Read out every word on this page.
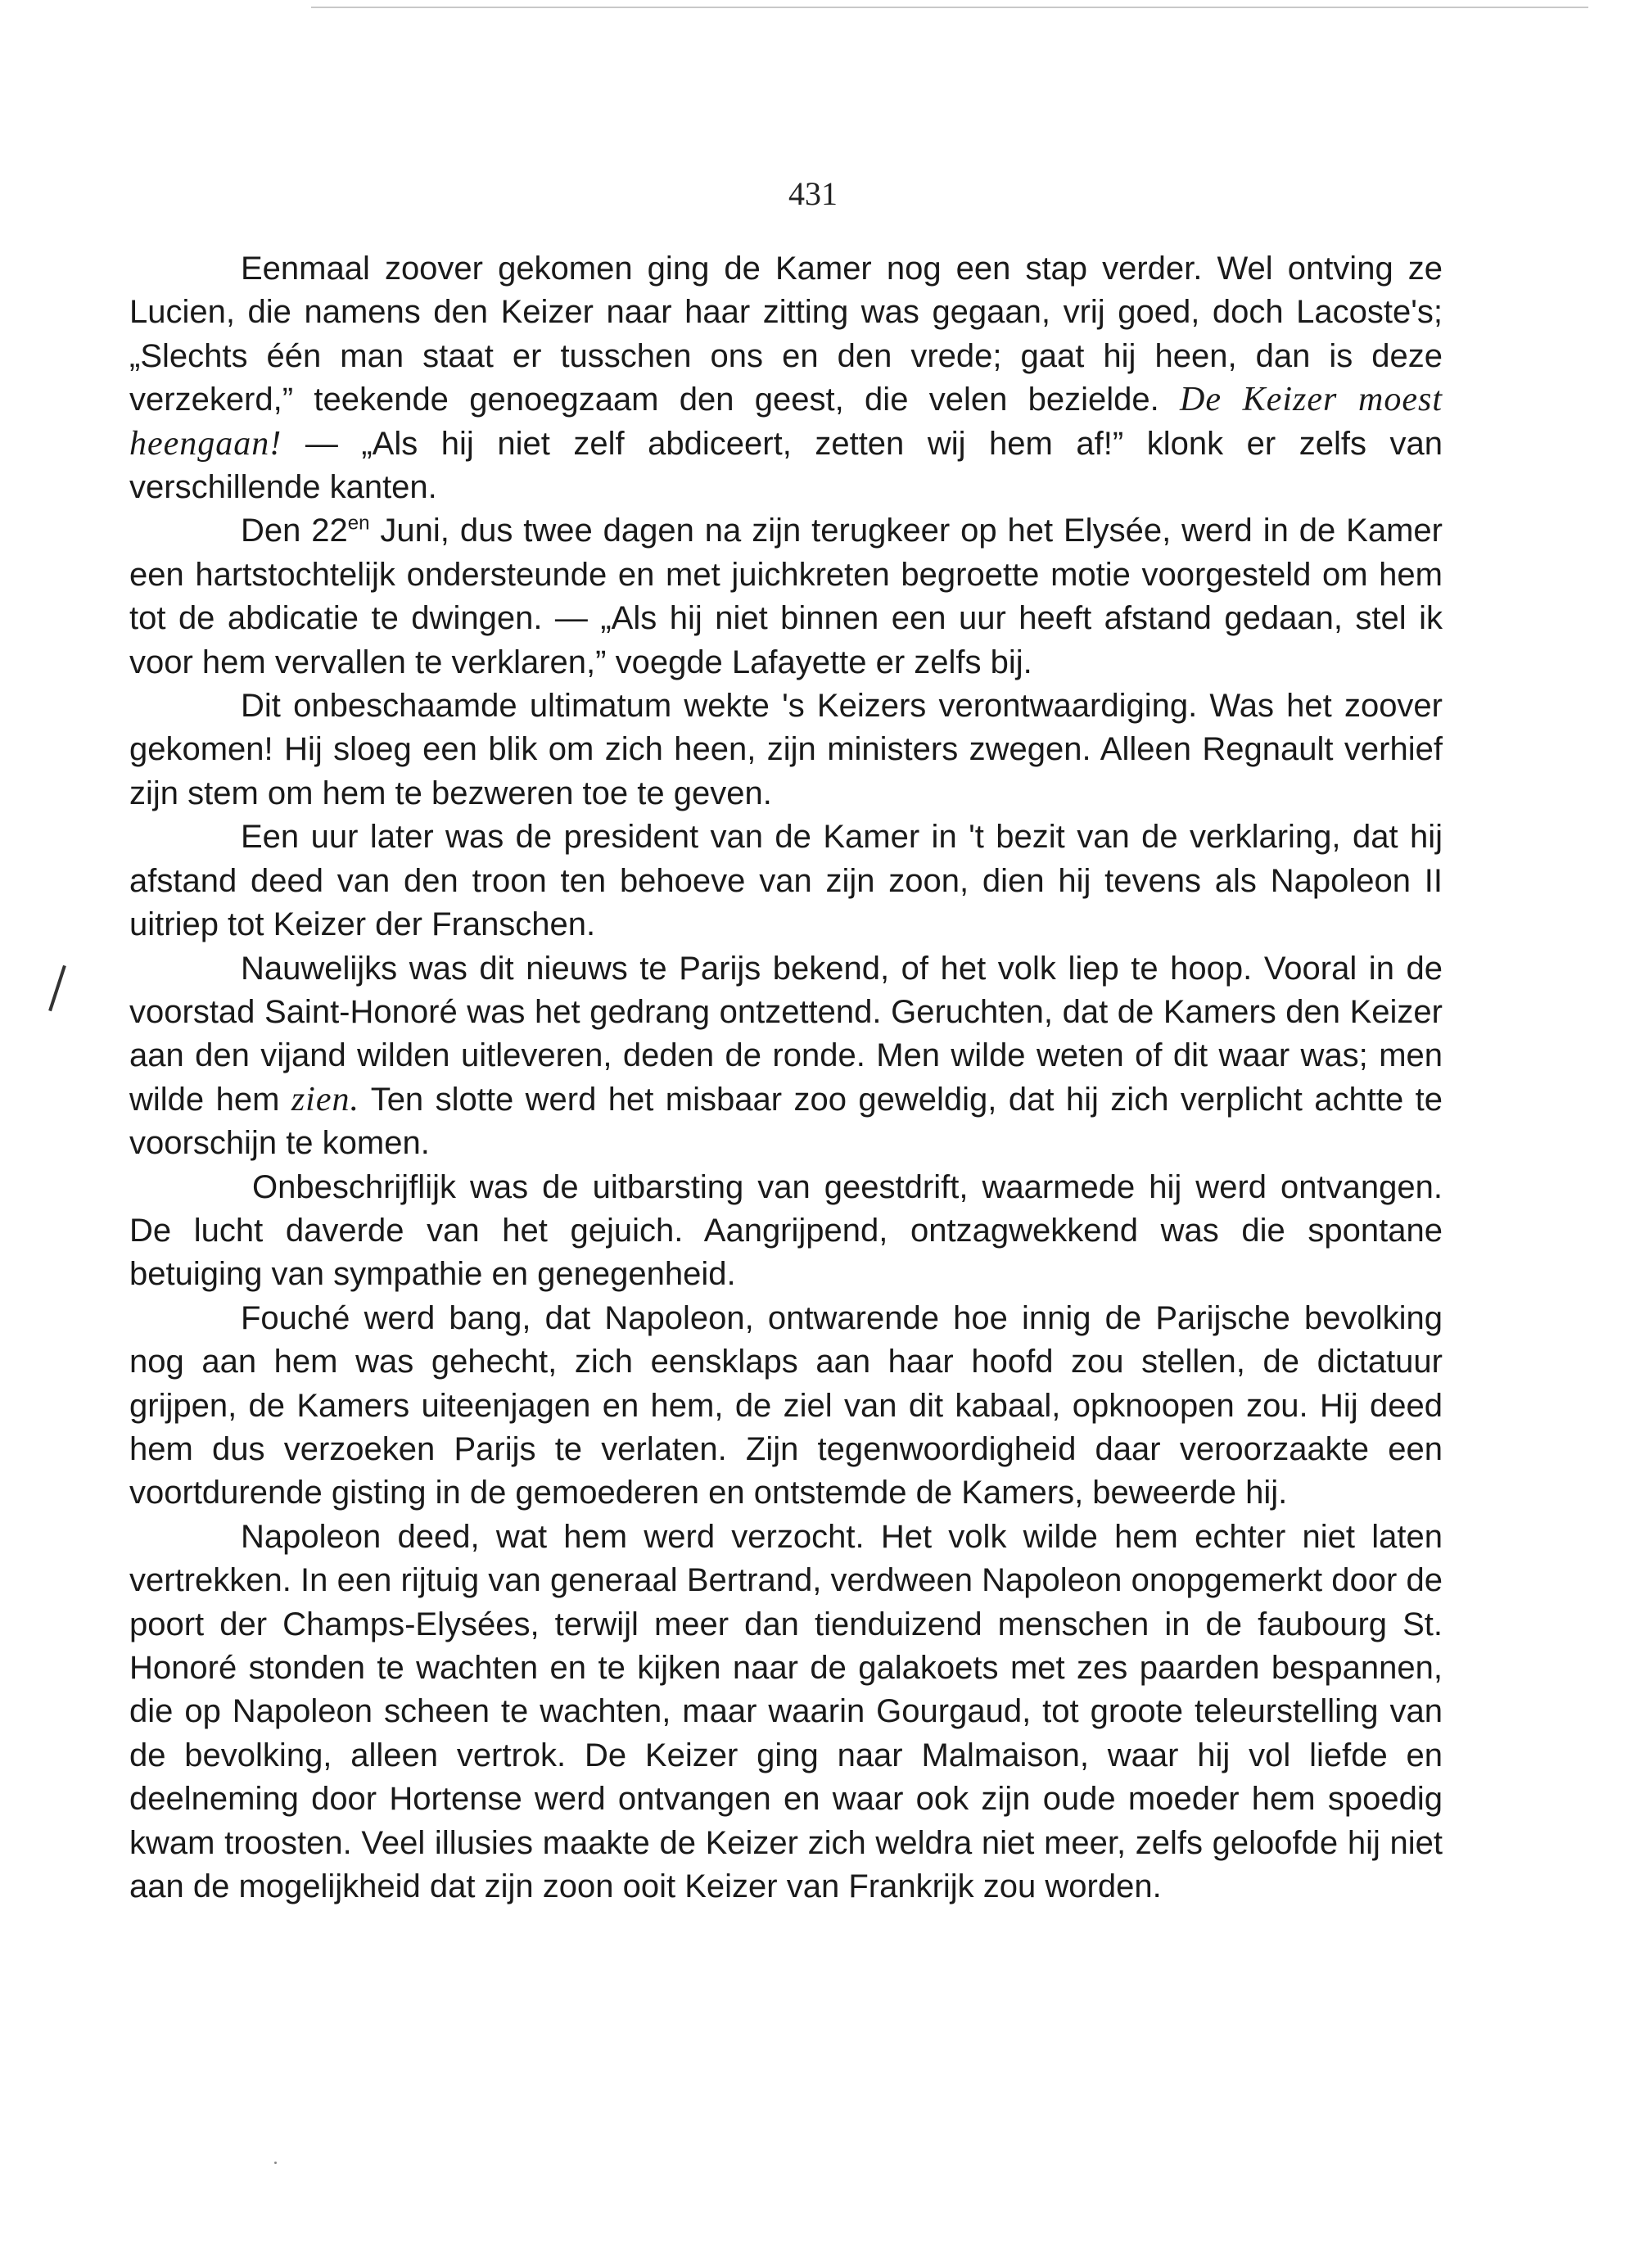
431

Eenmaal zoover gekomen ging de Kamer nog een stap verder. Wel ontving ze Lucien, die namens den Keizer naar haar zitting was gegaan, vrij goed, doch Lacoste's; „Slechts één man staat er tusschen ons en den vrede; gaat hij heen, dan is deze verzekerd,” teekende genoegzaam den geest, die velen bezielde. De Keizer moest heengaan! — „Als hij niet zelf abdiceert, zetten wij hem af!” klonk er zelfs van verschillende kanten.

Den $22^{en}$ Juni, dus twee dagen na zijn terugkeer op het Elysée, werd in de Kamer een hartstochtelijk ondersteunde en met juichkreten begroette motie voorgesteld om hem tot de abdicatie te dwingen. — „Als hij niet binnen een uur heeft afstand gedaan, stel ik voor hem vervallen te verklaren,” voegde Lafayette er zelfs bij.

Dit onbeschaamde ultimatum wekte 's Keizers verontwaardiging. Was het zoover gekomen! Hij sloeg een blik om zich heen, zijn ministers zwegen. Alleen Regnault verhief zijn stem om hem te bezweren toe te geven.

Een uur later was de president van de Kamer in 't bezit van de verklaring, dat hij afstand deed van den troon ten behoeve van zijn zoon, dien hij tevens als Napoleon II uitriep tot Keizer der Franschen.

Nauwelijks was dit nieuws te Parijs bekend, of het volk liep te hoop. Vooral in de voorstad Saint-Honoré was het gedrang ontzettend. Geruchten, dat de Kamers den Keizer aan den vijand wilden uitleveren, deden de ronde. Men wilde weten of dit waar was; men wilde hem zien. Ten slotte werd het misbaar zoo geweldig, dat hij zich verplicht achtte te voorschijn te komen.

Onbeschrijflijk was de uitbarsting van geestdrift, waarmede hij werd ontvangen. De lucht daverde van het gejuich. Aangrijpend, ontzagwekkend was die spontane betuiging van sympathie en genegenheid.

Fouché werd bang, dat Napoleon, ontwarende hoe innig de Parijsche bevolking nog aan hem was gehecht, zich eensklaps aan haar hoofd zou stellen, de dictatuur grijpen, de Kamers uiteenjagen en hem, de ziel van dit kabaal, opknoopen zou. Hij deed hem dus verzoeken Parijs te verlaten. Zijn tegenwoordigheid daar veroorzaakte een voortdurende gisting in de gemoederen en ontstemde de Kamers, beweerde hij.

Napoleon deed, wat hem werd verzocht. Het volk wilde hem echter niet laten vertrekken. In een rijtuig van generaal Bertrand, verdween Napoleon onopgemerkt door de poort der Champs-Elysées, terwijl meer dan tienduizend menschen in de faubourg St. Honoré stonden te wachten en te kijken naar de galakoets met zes paarden bespannen, die op Napoleon scheen te wachten, maar waarin Gourgaud, tot groote teleurstelling van de bevolking, alleen vertrok. De Keizer ging naar Malmaison, waar hij vol liefde en deelneming door Hortense werd ontvangen en waar ook zijn oude moeder hem spoedig kwam troosten. Veel illusies maakte de Keizer zich weldra niet meer, zelfs geloofde hij niet aan de mogelijkheid dat zijn zoon ooit Keizer van Frankrijk zou worden.
